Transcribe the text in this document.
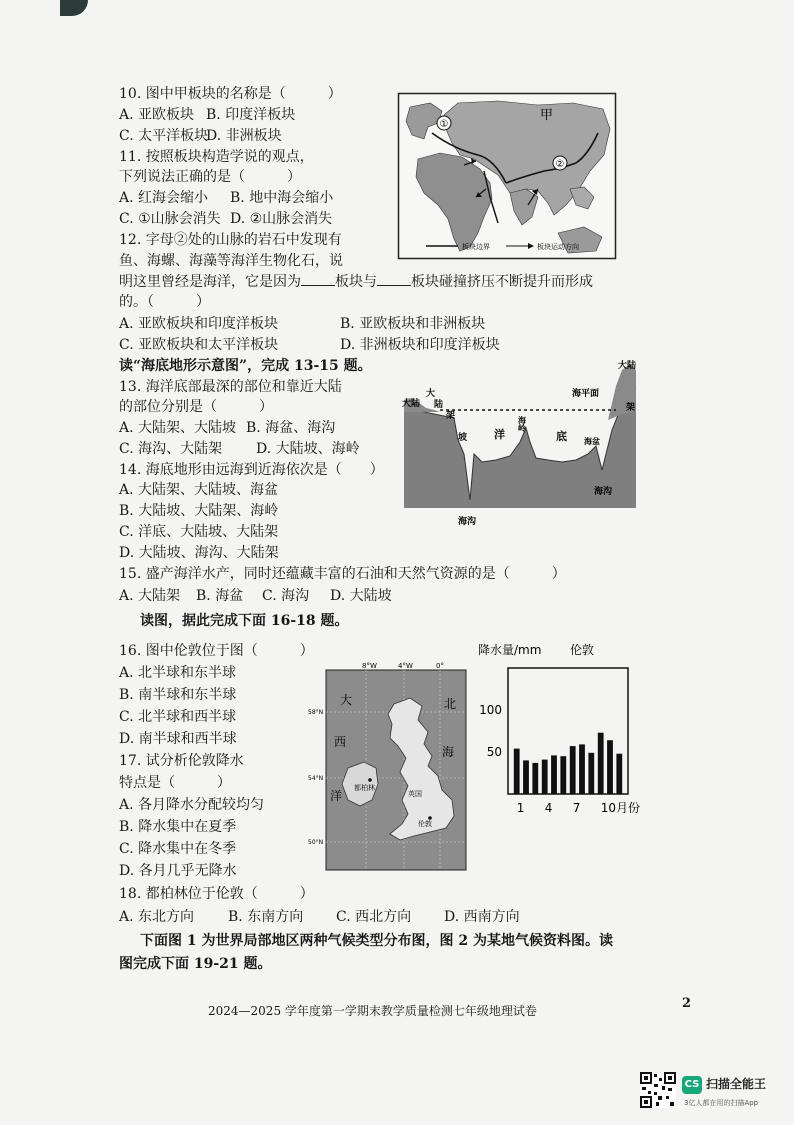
10. 图中甲板块的名称是（　　　）
A. 亚欧板块 B. 印度洋板块
C. 太平洋板块
D. 非洲板块
11. 按照板块构造学说的观点，
下列说法正确的是（　　　）
A. 红海会缩小 B. 地中海会缩小
C. ①山脉会消失 D. ②山脉会消失
12. 字母②处的山脉的岩石中发现有
鱼、海螺、海藻等海洋生物化石，说
明这里曾经是海洋，它是因为 板块与 板块碰撞挤压不断提升而形成
的。（　　　）
A. 亚欧板块和印度洋板块	B. 亚欧板块和非洲板块
C. 亚欧板块和太平洋板块	D. 非洲板块和印度洋板块
①
②
甲
板块边界	板块运动方向
读“海底地形示意图”，完成 13-15 题。
13. 海洋底部最深的部位和靠近大陆
的部位分别是（　　　）
A. 大陆架、大陆坡 B. 海盆、海沟
C. 海沟、大陆架 D. 大陆坡、海岭
14. 海底地形由远海到近海依次是（　　）
A. 大陆架、大陆坡、海盆
B. 大陆坡、大陆架、海岭
C. 洋底、大陆坡、大陆架
D. 大陆坡、海沟、大陆架
大陆
大
陆
架
坡
海平面
大陆
架
洋	底
海岭
海盆
海沟
海沟
15. 盛产海洋水产，同时还蕴藏丰富的石油和天然气资源的是（　　　）
A. 大陆架 B. 海盆 C. 海沟 D. 大陆坡
读图，据此完成下面 16-18 题。
16. 图中伦敦位于图（　　　）
A. 北半球和东半球
B. 南半球和东半球
C. 北半球和西半球
D. 南半球和西半球
17. 试分析伦敦降水
特点是（　　　）
A. 各月降水分配较均匀
B. 降水集中在夏季
C. 降水集中在冬季
D. 各月几乎无降水
18. 都柏林位于伦敦（　　　）
A. 东北方向 B. 东南方向 C. 西北方向 D. 西南方向
8°W	4°W	0°
58°N
54°N
50°N
大
西
洋
北
海
都柏林
英国
伦敦
降水量/mm 伦敦
50
100
1 4 7 10月份
下面图 1 为世界局部地区两种气候类型分布图，图 2 为某地气候资料图。读
图完成下面 19-21 题。
2024—2025 学年度第一学期末教学质量检测七年级地理试卷	2
CS 扫描全能王
3亿人都在用的扫描App
